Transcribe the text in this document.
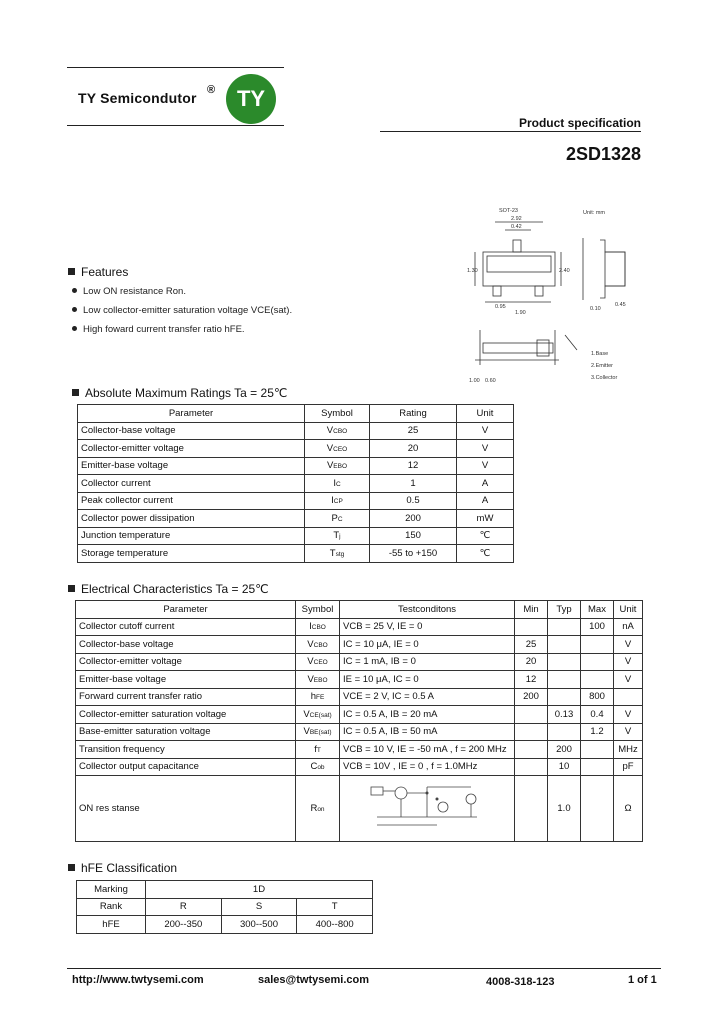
TY Semicondutor ® TY
Product specification
2SD1328
SOT-23
2.92
0.42
Unit: mm
1.30	2.40
0.95
1.90
0.10
0.45
1.00 0.60
1.Base
2.Emitter
3.Collector
Features
Low ON resistance Ron.
Low collector-emitter saturation voltage VCE(sat).
High foward current transfer ratio hFE.
Absolute Maximum Ratings Ta = 25℃
Parameter	Symbol	Rating	Unit
Collector-base voltage	VCBO	25	V
Collector-emitter voltage	VCEO	20	V
Emitter-base voltage	VEBO	12	V
Collector current	IC	1	A
Peak collector current	ICP	0.5	A
Collector power dissipation	PC	200	mW
Junction temperature	Tj	150	℃
Storage temperature	Tstg	-55 to +150	℃
Electrical Characteristics Ta = 25℃
Parameter	Symbol	Testconditons	Min	Typ	Max	Unit
Collector cutoff current	ICBO	VCB = 25 V, IE = 0			100	nA
Collector-base voltage	VCBO	IC = 10 μA, IE = 0	25			V
Collector-emitter voltage	VCEO	IC = 1 mA, IB = 0	20			V
Emitter-base voltage	VEBO	IE = 10 μA, IC = 0	12			V
Forward current transfer ratio	hFE	VCE = 2 V, IC = 0.5 A	200		800	
Collector-emitter saturation voltage	VCE(sat)	IC = 0.5 A, IB = 20 mA		0.13	0.4	V
Base-emitter saturation voltage	VBE(sat)	IC = 0.5 A, IB = 50 mA			1.2	V
Transition frequency	fT	VCB = 10 V, IE = -50 mA , f = 200 MHz		200		MHz
Collector output capacitance	Cob	VCB = 10V , IE = 0 , f = 1.0MHz		10		pF
ON res stanse	Ron			1.0		Ω
hFE Classification
Marking	1D		
Rank	R	S	T
hFE	200--350	300--500	400--800
http://www.twtysemi.com	sales@twtysemi.com	4008-318-123	1 of 1
